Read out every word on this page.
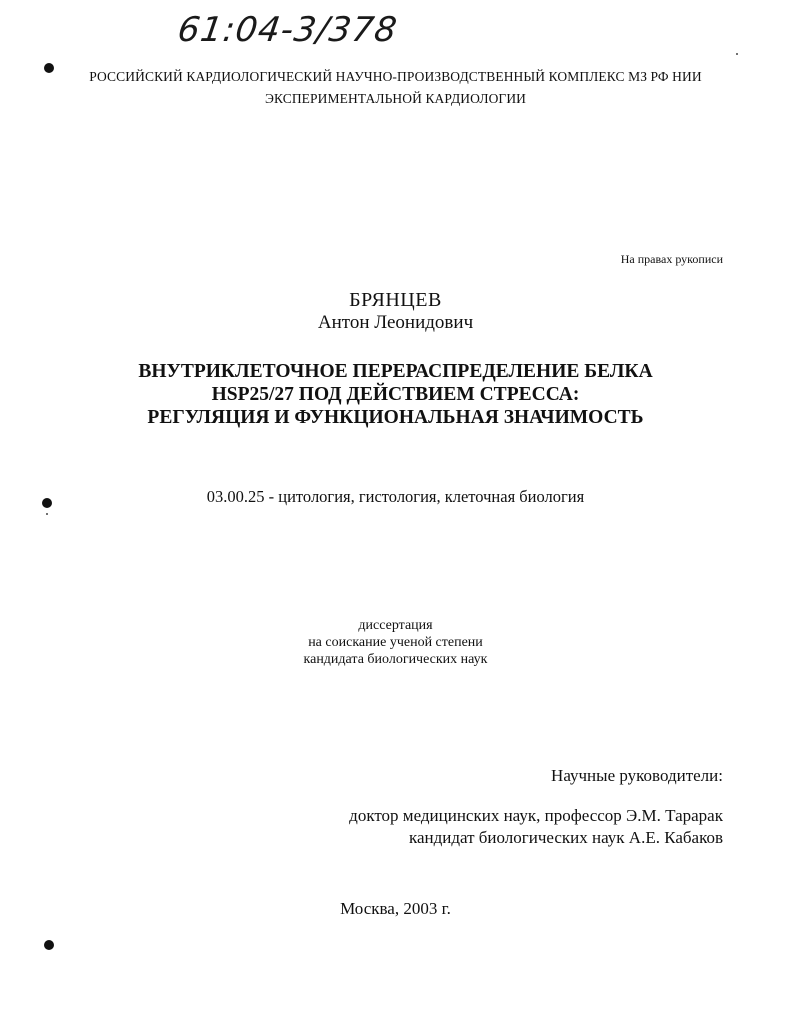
61:04-3/378
РОССИЙСКИЙ КАРДИОЛОГИЧЕСКИЙ НАУЧНО-ПРОИЗВОДСТВЕННЫЙ КОМПЛЕКС МЗ РФ НИИ
ЭКСПЕРИМЕНТАЛЬНОЙ КАРДИОЛОГИИ
На правах рукописи
БРЯНЦЕВ
Антон Леонидович
ВНУТРИКЛЕТОЧНОЕ ПЕРЕРАСПРЕДЕЛЕНИЕ БЕЛКА
HSP25/27 ПОД ДЕЙСТВИЕМ СТРЕССА:
РЕГУЛЯЦИЯ И ФУНКЦИОНАЛЬНАЯ ЗНАЧИМОСТЬ
03.00.25 - цитология, гистология, клеточная биология
диссертация
на соискание ученой степени
кандидата биологических наук
Научные руководители:
доктор медицинских наук, профессор Э.М. Тарарак
кандидат биологических наук А.Е. Кабаков
Москва, 2003 г.
